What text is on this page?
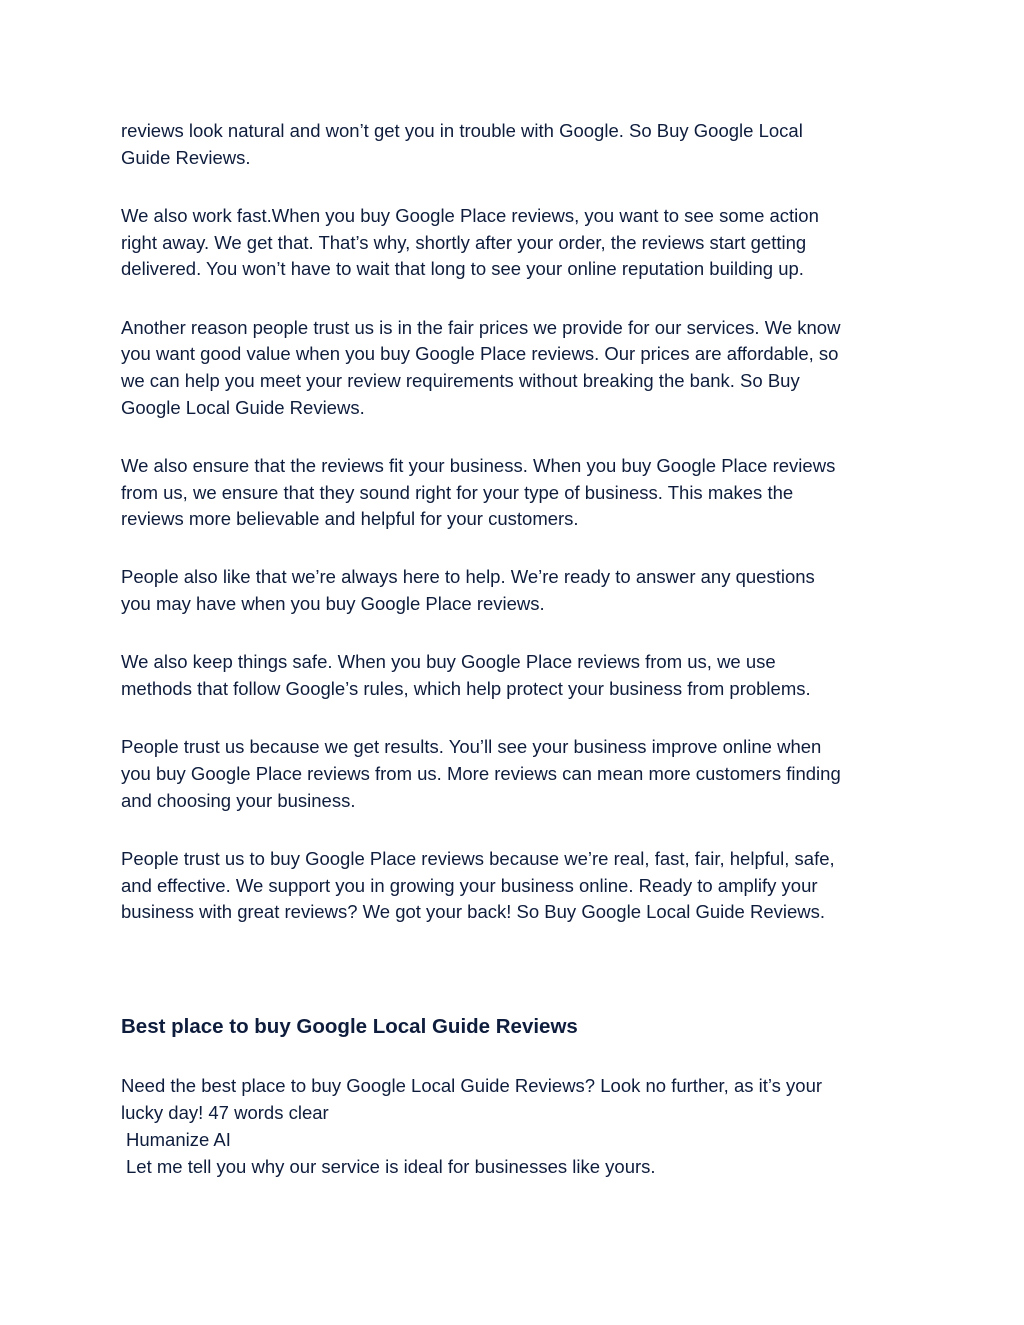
reviews look natural and won’t get you in trouble with Google. So Buy Google Local
Guide Reviews.

We also work fast.When you buy Google Place reviews, you want to see some action
right away. We get that. That’s why, shortly after your order, the reviews start getting
delivered. You won’t have to wait that long to see your online reputation building up.

Another reason people trust us is in the fair prices we provide for our services. We know
you want good value when you buy Google Place reviews. Our prices are affordable, so
we can help you meet your review requirements without breaking the bank. So Buy
Google Local Guide Reviews.

We also ensure that the reviews fit your business. When you buy Google Place reviews
from us, we ensure that they sound right for your type of business. This makes the
reviews more believable and helpful for your customers.

People also like that we’re always here to help. We’re ready to answer any questions
you may have when you buy Google Place reviews.

We also keep things safe. When you buy Google Place reviews from us, we use
methods that follow Google’s rules, which help protect your business from problems.

People trust us because we get results. You’ll see your business improve online when
you buy Google Place reviews from us. More reviews can mean more customers finding
and choosing your business.

People trust us to buy Google Place reviews because we’re real, fast, fair, helpful, safe,
and effective. We support you in growing your business online. Ready to amplify your
business with great reviews? We got your back! So Buy Google Local Guide Reviews.

Best place to buy Google Local Guide Reviews
Need the best place to buy Google Local Guide Reviews? Look no further, as it’s your
lucky day! 47 words clear
Humanize AI
Let me tell you why our service is ideal for businesses like yours.
